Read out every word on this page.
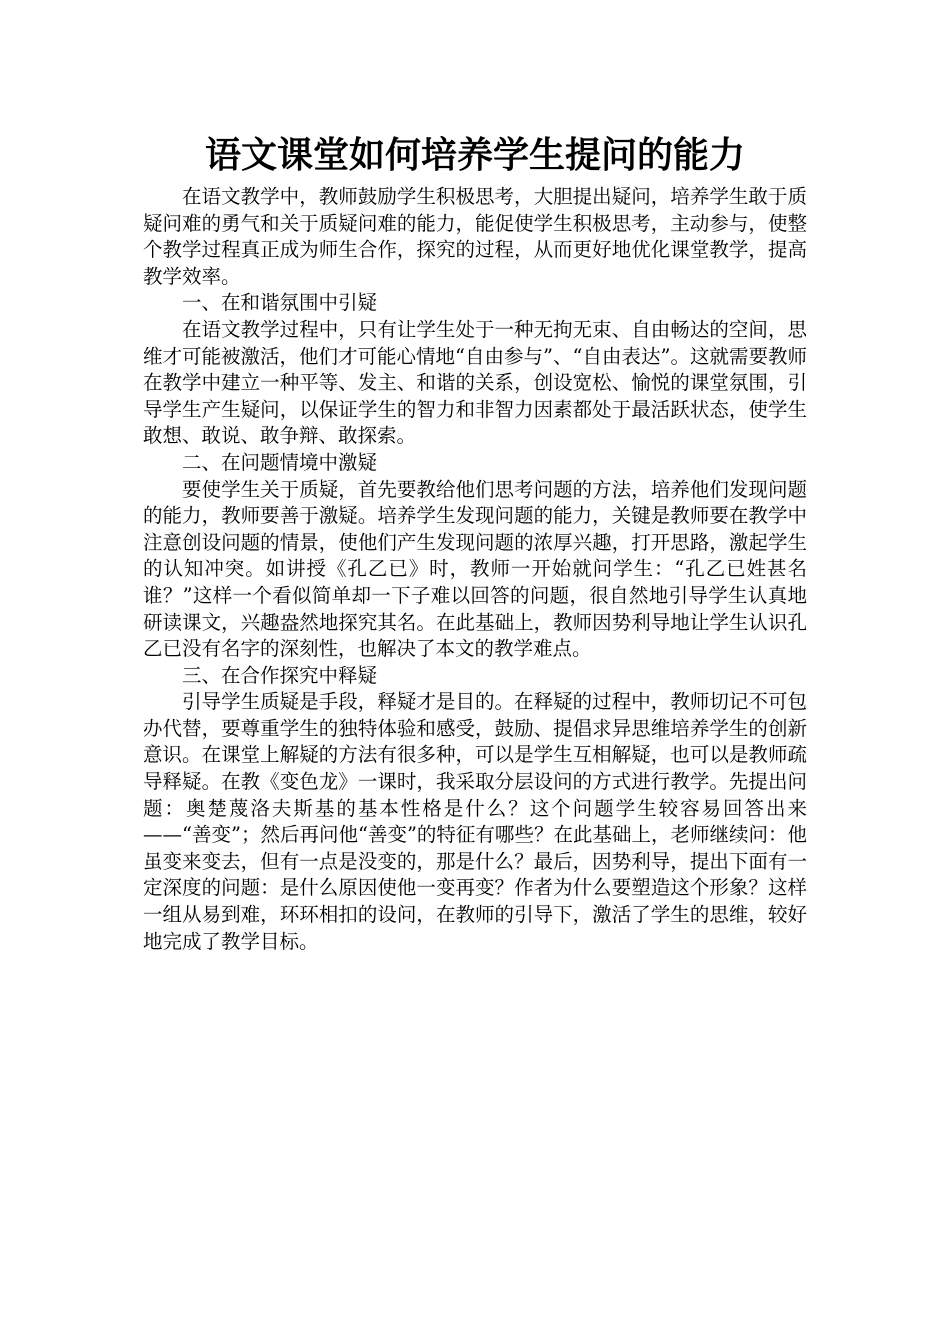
语文课堂如何培养学生提问的能力

在语文教学中，教师鼓励学生积极思考，大胆提出疑问，培养学生敢于质疑问难的勇气和关于质疑问难的能力，能促使学生积极思考，主动参与，使整个教学过程真正成为师生合作，探究的过程，从而更好地优化课堂教学，提高教学效率。

一、在和谐氛围中引疑

在语文教学过程中，只有让学生处于一种无拘无束、自由畅达的空间，思维才可能被激活，他们才可能心情地“自由参与”、“自由表达”。这就需要教师在教学中建立一种平等、发主、和谐的关系，创设宽松、愉悦的课堂氛围，引导学生产生疑问，以保证学生的智力和非智力因素都处于最活跃状态，使学生敢想、敢说、敢争辩、敢探索。

二、在问题情境中激疑

要使学生关于质疑，首先要教给他们思考问题的方法，培养他们发现问题的能力，教师要善于激疑。培养学生发现问题的能力，关键是教师要在教学中注意创设问题的情景，使他们产生发现问题的浓厚兴趣，打开思路，激起学生的认知冲突。如讲授《孔乙已》时，教师一开始就问学生：“孔乙已姓甚名谁？”这样一个看似简单却一下子难以回答的问题，很自然地引导学生认真地研读课文，兴趣盎然地探究其名。在此基础上，教师因势利导地让学生认识孔乙已没有名字的深刻性，也解决了本文的教学难点。

三、在合作探究中释疑

引导学生质疑是手段，释疑才是目的。在释疑的过程中，教师切记不可包办代替，要尊重学生的独特体验和感受，鼓励、提倡求异思维培养学生的创新意识。在课堂上解疑的方法有很多种，可以是学生互相解疑，也可以是教师疏导释疑。在教《变色龙》一课时，我采取分层设问的方式进行教学。先提出问题：奥楚蔑洛夫斯基的基本性格是什么？这个问题学生较容易回答出来——“善变”；然后再问他“善变”的特征有哪些？在此基础上，老师继续问：他虽变来变去，但有一点是没变的，那是什么？最后，因势利导，提出下面有一定深度的问题：是什么原因使他一变再变？作者为什么要塑造这个形象？这样一组从易到难，环环相扣的设问，在教师的引导下，激活了学生的思维，较好地完成了教学目标。
